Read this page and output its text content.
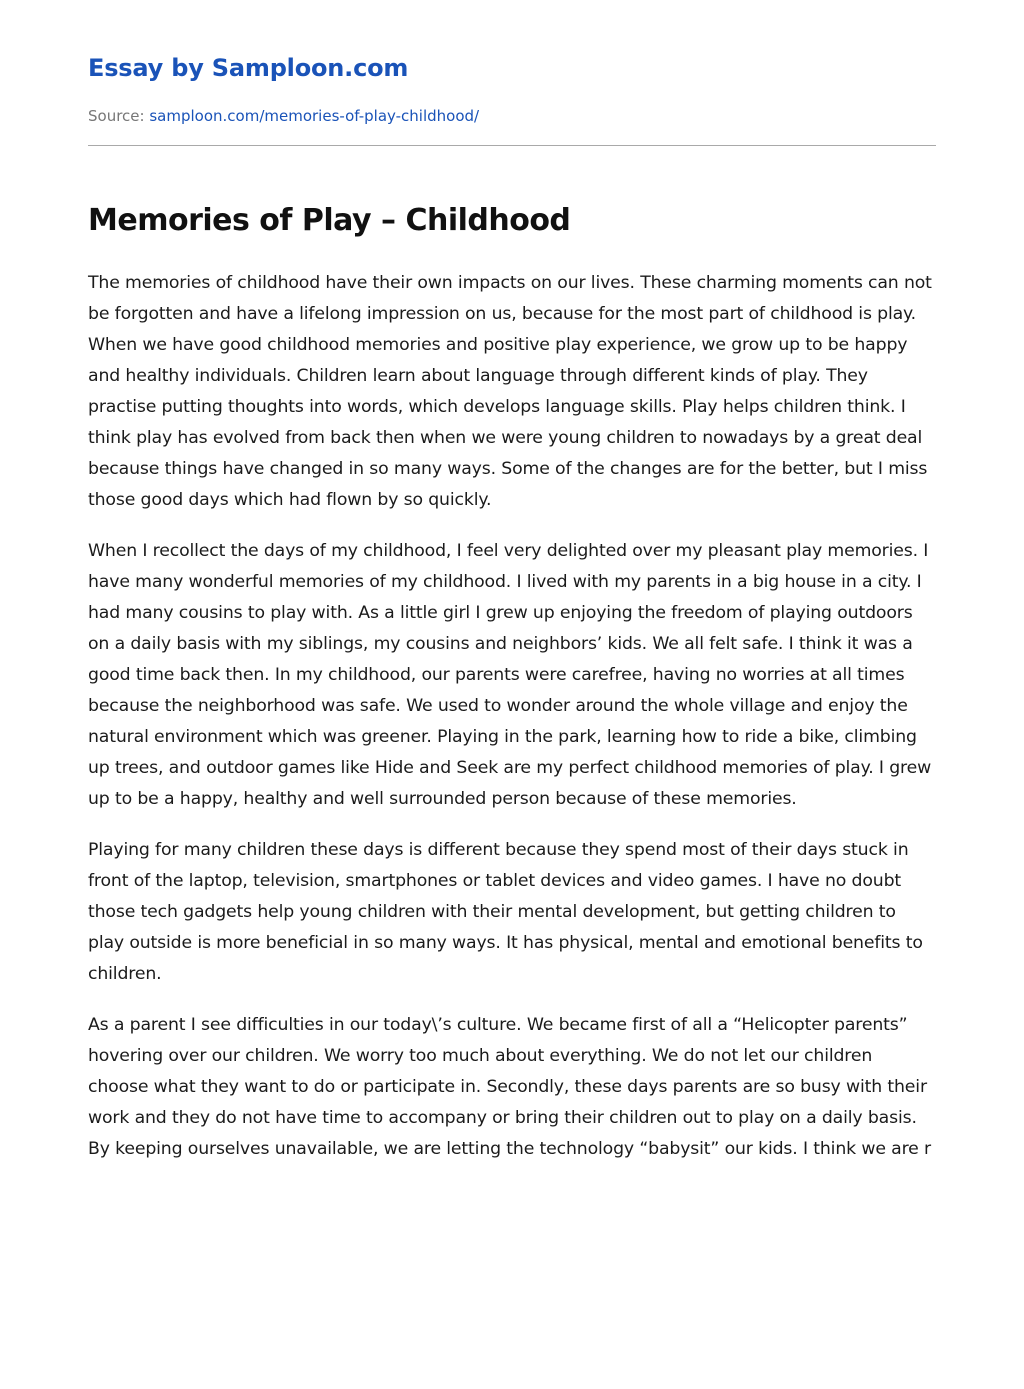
Essay by Samploon.com
Source: samploon.com/memories-of-play-childhood/
Memories of Play – Childhood

The memories of childhood have their own impacts on our lives. These charming moments can not be forgotten and have a lifelong impression on us, because for the most part of childhood is play. When we have good childhood memories and positive play experience, we grow up to be happy and healthy individuals. Children learn about language through different kinds of play. They practise putting thoughts into words, which develops language skills. Play helps children think. I think play has evolved from back then when we were young children to nowadays by a great deal because things have changed in so many ways. Some of the changes are for the better, but I miss those good days which had flown by so quickly.

When I recollect the days of my childhood, I feel very delighted over my pleasant play memories. I have many wonderful memories of my childhood. I lived with my parents in a big house in a city. I had many cousins to play with. As a little girl I grew up enjoying the freedom of playing outdoors on a daily basis with my siblings, my cousins and neighbors’ kids. We all felt safe. I think it was a good time back then. In my childhood, our parents were carefree, having no worries at all times because the neighborhood was safe. We used to wonder around the whole village and enjoy the natural environment which was greener. Playing in the park, learning how to ride a bike, climbing up trees, and outdoor games like Hide and Seek are my perfect childhood memories of play. I grew up to be a happy, healthy and well surrounded person because of these memories.

Playing for many children these days is different because they spend most of their days stuck in front of the laptop, television, smartphones or tablet devices and video games. I have no doubt those tech gadgets help young children with their mental development, but getting children to play outside is more beneficial in so many ways. It has physical, mental and emotional benefits to children.

As a parent I see difficulties in our today\’s culture. We became first of all a “Helicopter parents” hovering over our children. We worry too much about everything. We do not let our children choose what they want to do or participate in. Secondly, these days parents are so busy with their work and they do not have time to accompany or bring their children out to play on a daily basis. By keeping ourselves unavailable, we are letting the technology “babysit” our kids. I think we are r
